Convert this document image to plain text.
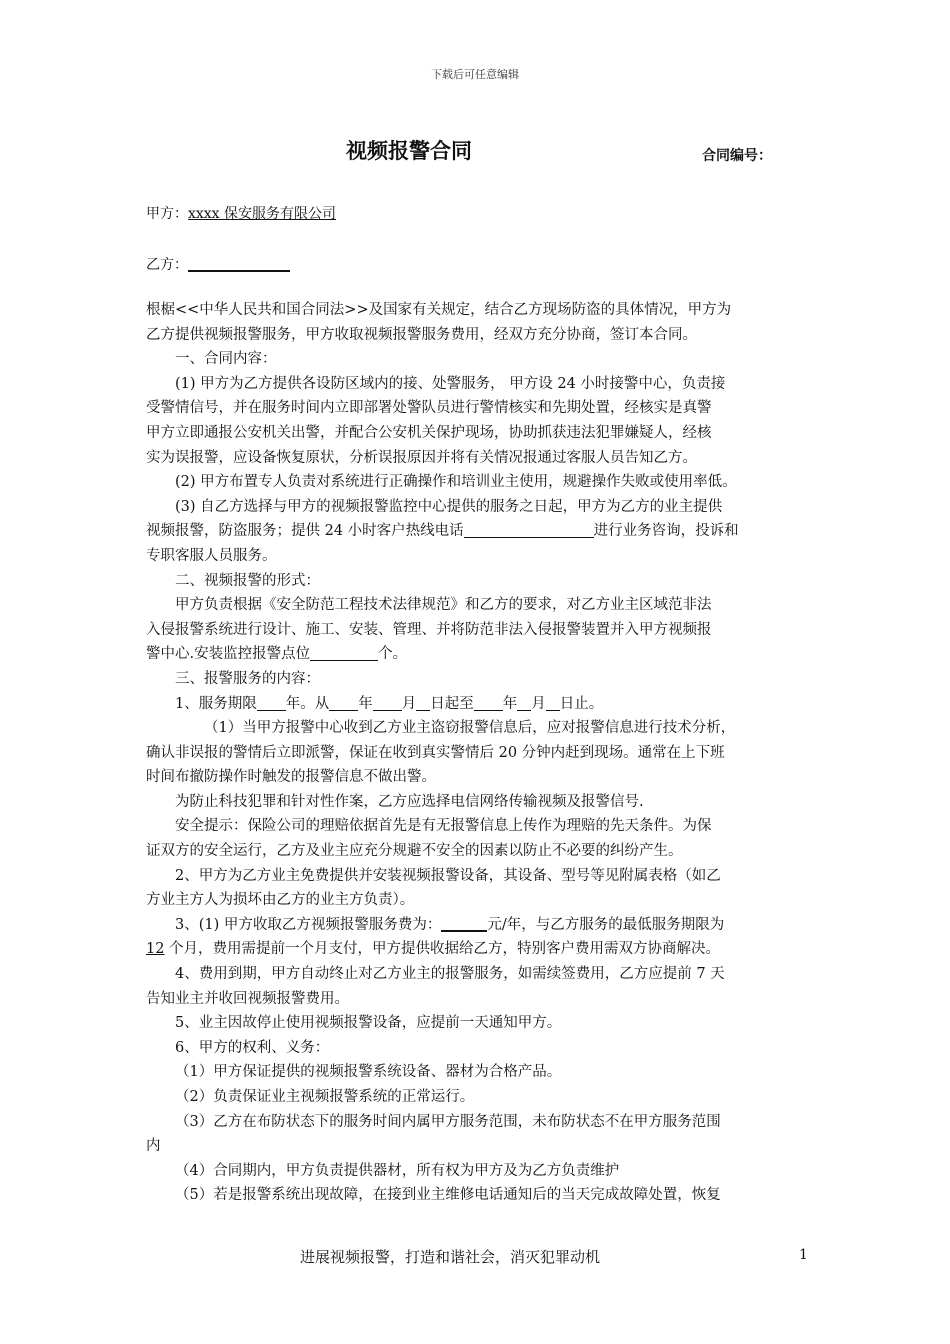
下载后可任意编辑
视频报警合同	合同编号：
甲方：xxxx 保安服务有限公司
乙方：

根椐<<中华人民共和国合同法>>及国家有关规定，结合乙方现场防盗的具体情况，甲方为

乙方提供视频报警服务，甲方收取视频报警服务费用，经双方充分协商，签订本合同。

一、合同内容：

(1) 甲方为乙方提供各设防区域内的接、处警服务， 甲方设 24 小时接警中心，负责接

受警情信号，并在服务时间内立即部署处警队员进行警情核实和先期处置，经核实是真警

甲方立即通报公安机关出警，并配合公安机关保护现场，协助抓获违法犯罪嫌疑人，经核

实为误报警，应设备恢复原状，分析误报原因并将有关情况报通过客服人员告知乙方。

(2) 甲方布置专人负责对系统进行正确操作和培训业主使用，规避操作失败或使用率低。

(3) 自乙方选择与甲方的视频报警监控中心提供的服务之日起，甲方为乙方的业主提供

视频报警，防盗服务；提供 24 小时客户热线电话	进行业务咨询，投诉和

专职客服人员服务。

二、视频报警的形式：

甲方负责根据《安全防范工程技术法律规范》和乙方的要求，对乙方业主区域范非法

入侵报警系统进行设计、施工、安装、管理、并将防范非法入侵报警装置并入甲方视频报

警中心.安装监控报警点位	个。

三、报警服务的内容：

1、服务期限 年。从 年 月 日起至 年 月 日止。

（1）当甲方报警中心收到乙方业主盗窃报警信息后，应对报警信息进行技术分析，

确认非误报的警情后立即派警，保证在收到真实警情后 20 分钟内赶到现场。通常在上下班

时间布撤防操作时触发的报警信息不做出警。

为防止科技犯罪和针对性作案，乙方应选择电信网络传输视频及报警信号.

安全提示：保险公司的理赔依据首先是有无报警信息上传作为理赔的先天条件。为保

证双方的安全运行，乙方及业主应充分规避不安全的因素以防止不必要的纠纷产生。

2、甲方为乙方业主免费提供并安装视频报警设备，其设备、型号等见附属表格（如乙

方业主方人为损坏由乙方的业主方负责）。

3、(1) 甲方收取乙方视频报警服务费为：	元/年，与乙方服务的最低服务期限为

12 个月，费用需提前一个月支付，甲方提供收据给乙方，特别客户费用需双方协商解决。

4、费用到期，甲方自动终止对乙方业主的报警服务，如需续签费用，乙方应提前 7 天

告知业主并收回视频报警费用。

5、业主因故停止使用视频报警设备，应提前一天通知甲方。

6、甲方的权利、义务：

（1）甲方保证提供的视频报警系统设备、器材为合格产品。

（2）负责保证业主视频报警系统的正常运行。

（3）乙方在布防状态下的服务时间内属甲方服务范围，未布防状态不在甲方服务范围

内

（4）合同期内，甲方负责提供器材，所有权为甲方及为乙方负责维护

（5）若是报警系统出现故障，在接到业主维修电话通知后的当天完成故障处置，恢复

进展视频报警，打造和谐社会，消灭犯罪动机	1
